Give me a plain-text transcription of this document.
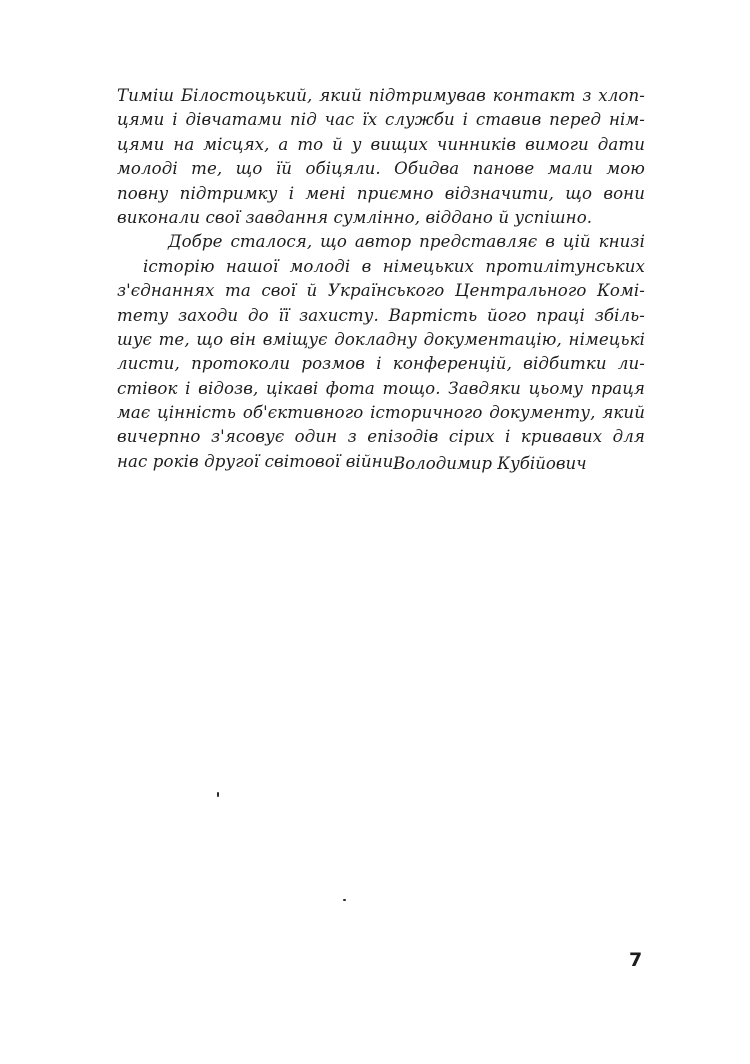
Тиміш Білостоцький, який підтримував контакт з хлоп-
цями і дівчатами під час їх служби і ставив перед нім-
цями на місцях, а то й у вищих чинників вимоги дати
молоді те, що їй обіцяли. Обидва панове мали мою
повну підтримку і мені приємно відзначити, що вони
виконали свої завдання сумлінно, віддано й успішно.
Добре сталося, що автор представляє в цій книзі
історію нашої молоді в німецьких протилітунських
з'єднаннях та свої й Українського Центрального Комі-
тету заходи до її захисту. Вартість його праці збіль-
шує те, що він вміщує докладну документацію, німецькі
листи, протоколи розмов і конференцій, відбитки ли-
стівок і відозв, цікаві фота тощо. Завдяки цьому праця
має цінність об'єктивного історичного документу, який
вичерпно з'ясовує один з епізодів сірих і кривавих для
нас років другої світової війни.
Володимир Кубійович
7
